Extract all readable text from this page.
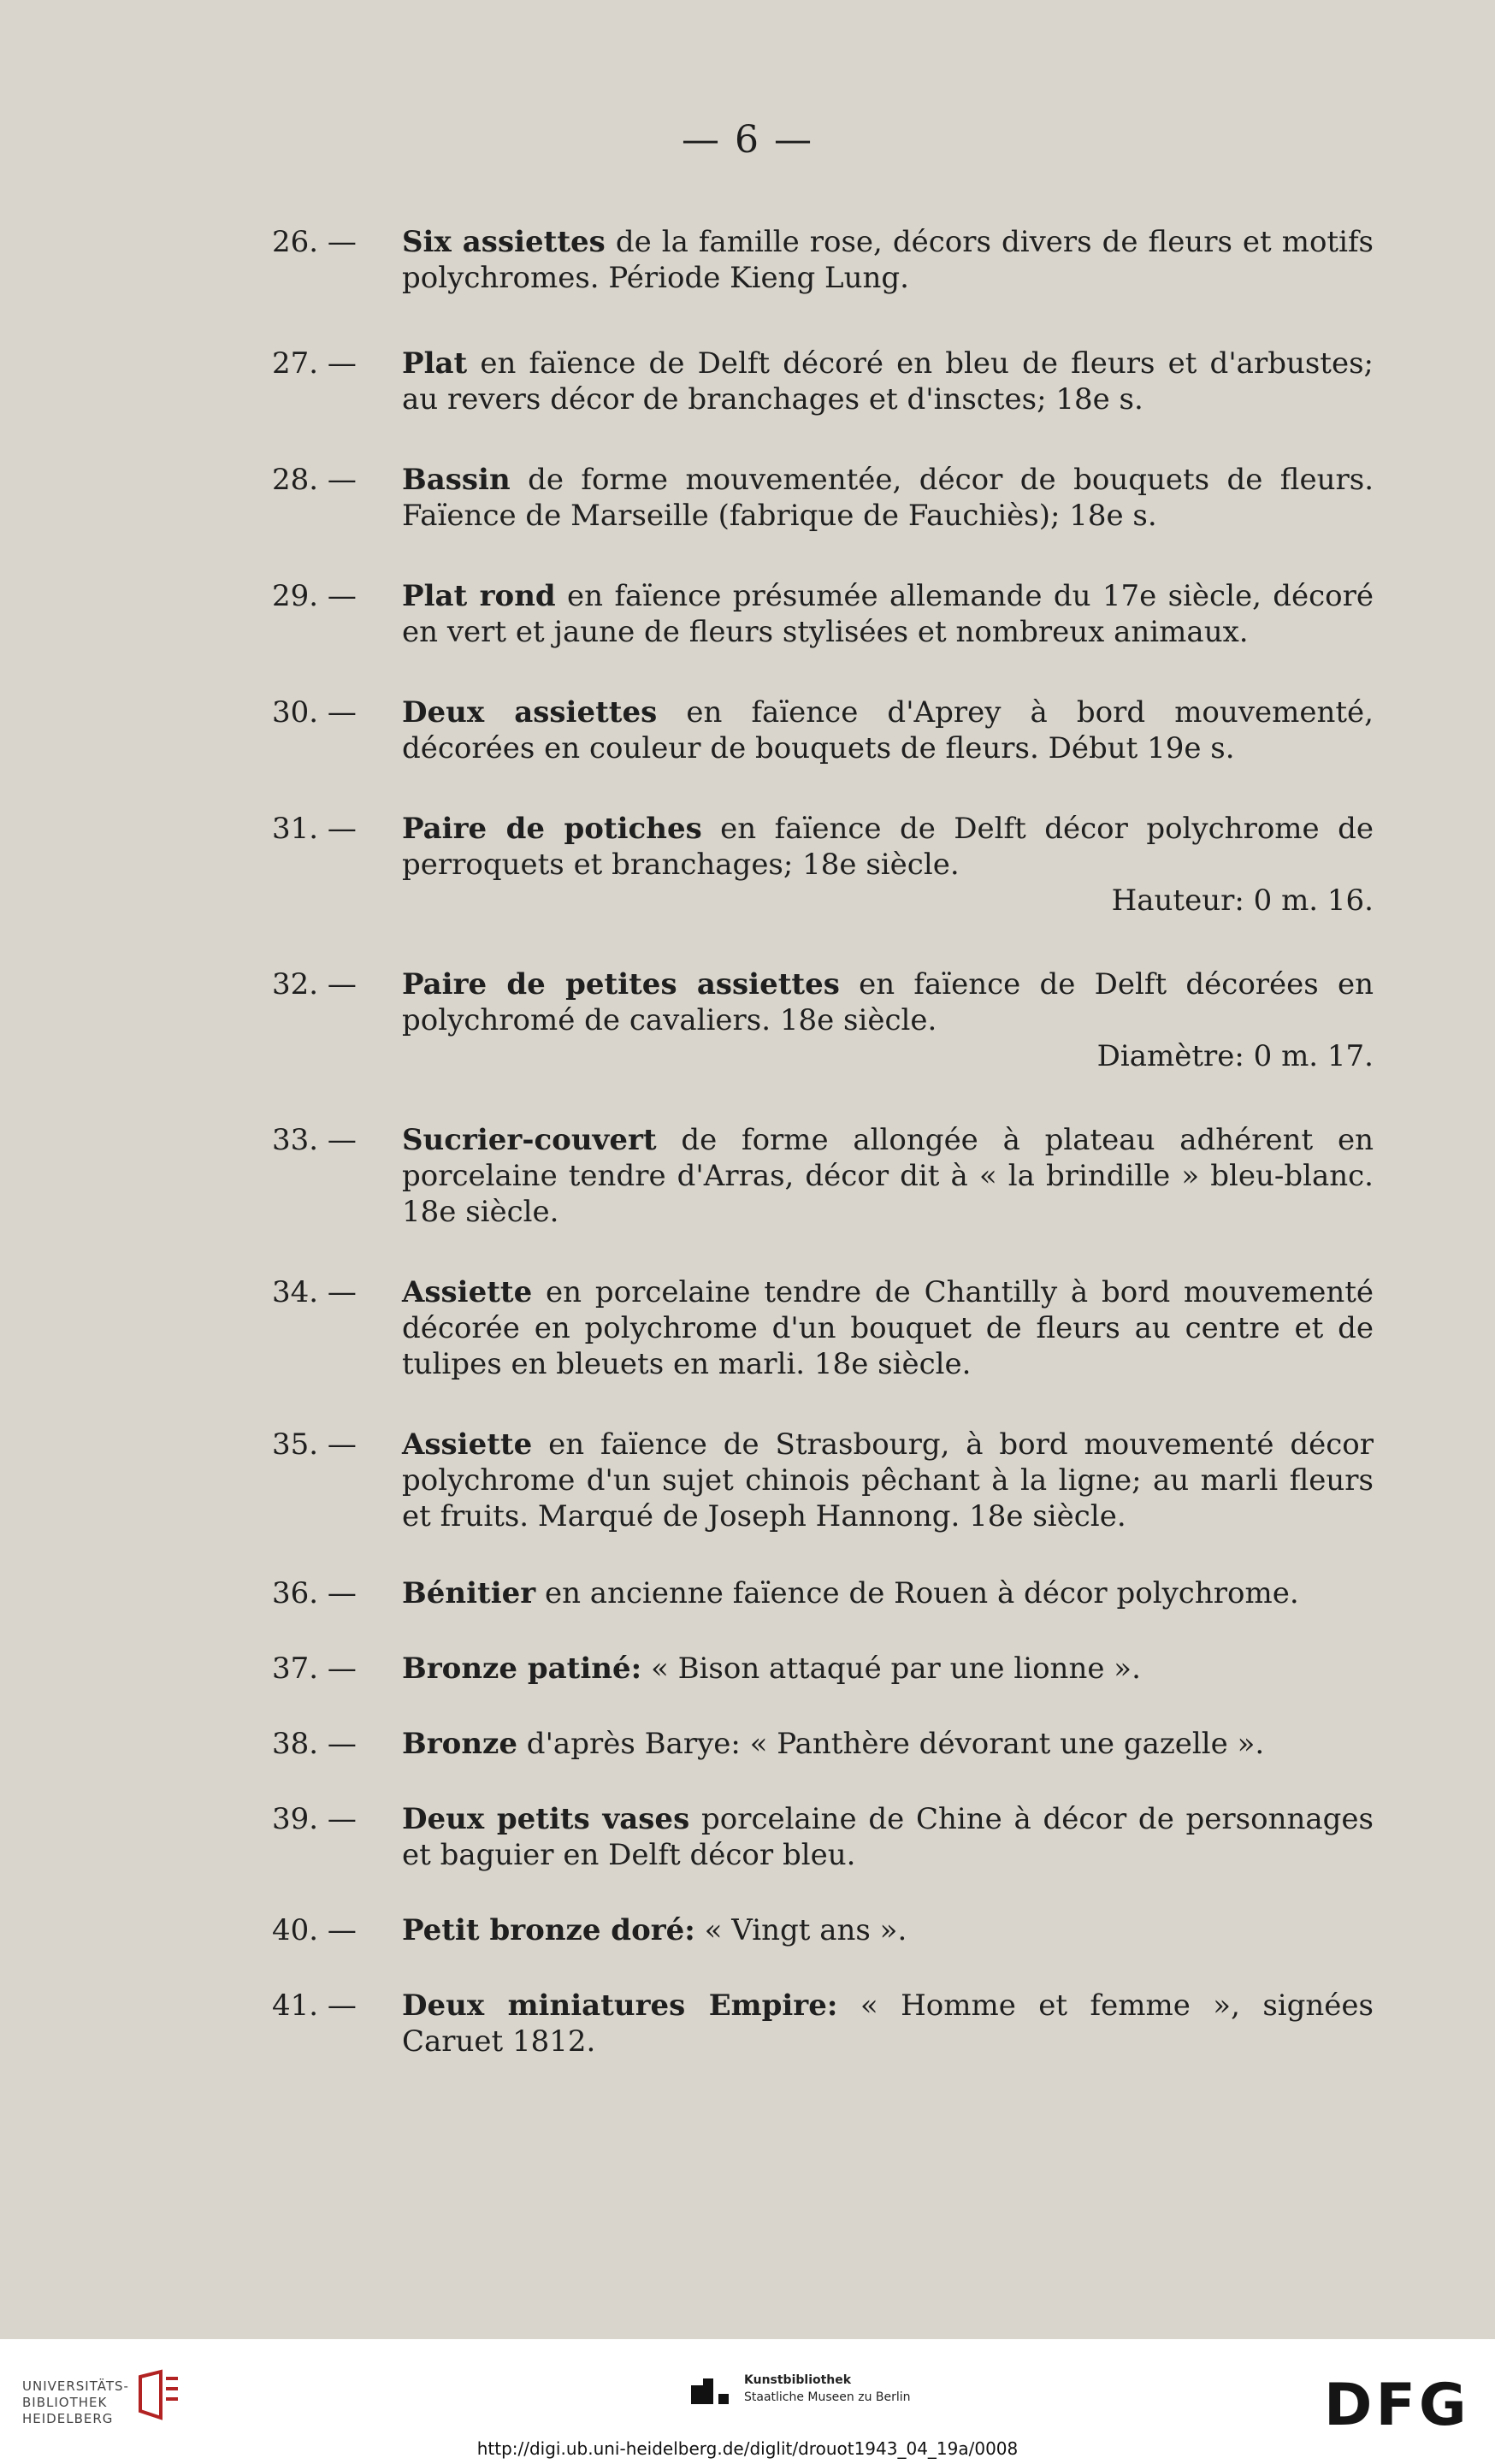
— 6 —
26. —	Six assiettes de la famille rose, décors divers de fleurs et motifs polychromes. Période Kieng Lung.
27. —	Plat en faïence de Delft décoré en bleu de fleurs et d'arbustes; au revers décor de branchages et d'insctes; 18e s.
28. —	Bassin de forme mouvementée, décor de bouquets de fleurs. Faïence de Marseille (fabrique de Fauchiès); 18e s.
29. —	Plat rond en faïence présumée allemande du 17e siècle, décoré en vert et jaune de fleurs stylisées et nombreux animaux.
30. —	Deux assiettes en faïence d'Aprey à bord mouvementé, décorées en couleur de bouquets de fleurs. Début 19e s.
31. —	Paire de potiches en faïence de Delft décor polychrome de perroquets et branchages; 18e siècle.
Hauteur: 0 m. 16.
32. —	Paire de petites assiettes en faïence de Delft décorées en polychromé de cavaliers. 18e siècle.
Diamètre: 0 m. 17.
33. —	Sucrier-couvert de forme allongée à plateau adhérent en porcelaine tendre d'Arras, décor dit à « la brindille » bleu-blanc. 18e siècle.
34. —	Assiette en porcelaine tendre de Chantilly à bord mouvementé décorée en polychrome d'un bouquet de fleurs au centre et de tulipes en bleuets en marli. 18e siècle.
35. —	Assiette en faïence de Strasbourg, à bord mouvementé décor polychrome d'un sujet chinois pêchant à la ligne; au marli fleurs et fruits. Marqué de Joseph Hannong. 18e siècle.
36. —	Bénitier en ancienne faïence de Rouen à décor polychrome.
37. —	Bronze patiné: « Bison attaqué par une lionne ».
38. —	Bronze d'après Barye: « Panthère dévorant une gazelle ».
39. —	Deux petits vases porcelaine de Chine à décor de personnages et baguier en Delft décor bleu.
40. —	Petit bronze doré: « Vingt ans ».
41. —	Deux miniatures Empire: « Homme et femme », signées Caruet 1812.
UNIVERSITÄTS-
BIBLIOTHEK
HEIDELBERG
Kunstbibliothek
Staatliche Museen zu Berlin	DFG
http://digi.ub.uni-heidelberg.de/diglit/drouot1943_04_19a/0008
